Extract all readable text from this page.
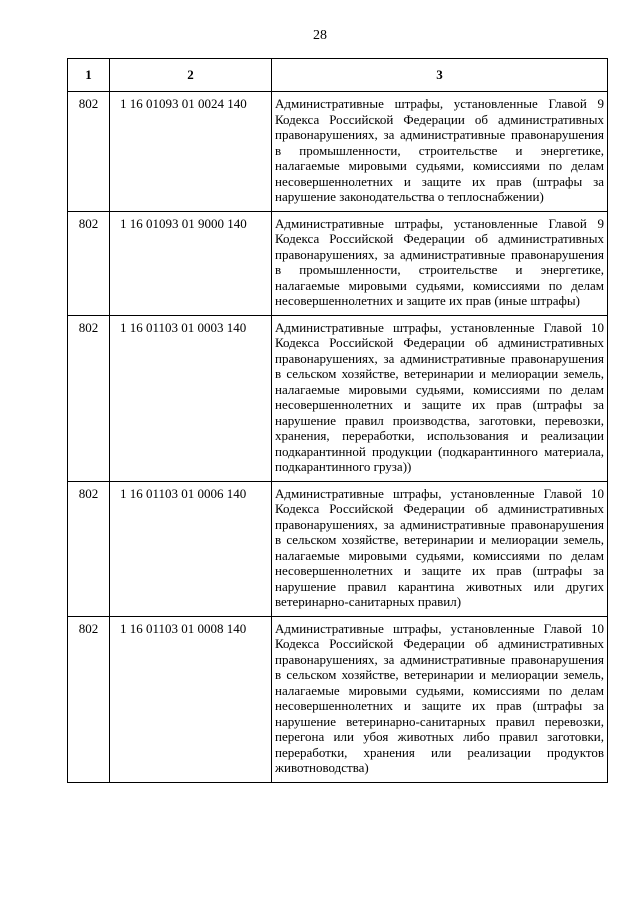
28
1	2	3
802	1 16 01093 01 0024 140	Административные штрафы, установленные Главой 9 Кодекса Российской Федерации об административных правонарушениях, за административные правонарушения в промышленности, строительстве и энергетике, налагаемые мировыми судьями, комиссиями по делам несовершеннолетних и защите их прав (штрафы за нарушение законодательства о теплоснабжении)
802	1 16 01093 01 9000 140	Административные штрафы, установленные Главой 9 Кодекса Российской Федерации об административных правонарушениях, за административные правонарушения в промышленности, строительстве и энергетике, налагаемые мировыми судьями, комиссиями по делам несовершеннолетних и защите их прав (иные штрафы)
802	1 16 01103 01 0003 140	Административные штрафы, установленные Главой 10 Кодекса Российской Федерации об административных правонарушениях, за административные правонарушения в сельском хозяйстве, ветеринарии и мелиорации земель, налагаемые мировыми судьями, комиссиями по делам несовершеннолетних и защите их прав (штрафы за нарушение правил производства, заготовки, перевозки, хранения, переработки, использования и реализации подкарантинной продукции (подкарантинного материала, подкарантинного груза))
802	1 16 01103 01 0006 140	Административные штрафы, установленные Главой 10 Кодекса Российской Федерации об административных правонарушениях, за административные правонарушения в сельском хозяйстве, ветеринарии и мелиорации земель, налагаемые мировыми судьями, комиссиями по делам несовершеннолетних и защите их прав (штрафы за нарушение правил карантина животных или других ветеринарно-санитарных правил)
802	1 16 01103 01 0008 140	Административные штрафы, установленные Главой 10 Кодекса Российской Федерации об административных правонарушениях, за административные правонарушения в сельском хозяйстве, ветеринарии и мелиорации земель, налагаемые мировыми судьями, комиссиями по делам несовершеннолетних и защите их прав (штрафы за нарушение ветеринарно-санитарных правил перевозки, перегона или убоя животных либо правил заготовки, переработки, хранения или реализации продуктов животноводства)
